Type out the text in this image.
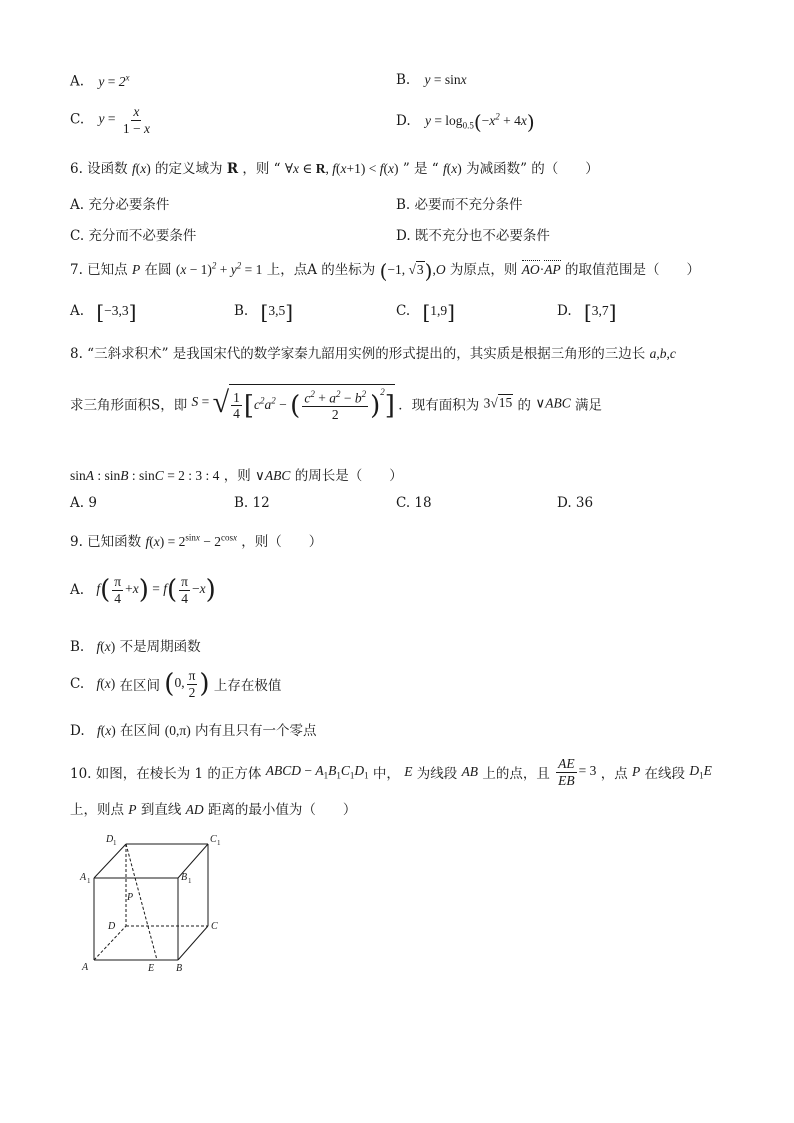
A. $y = 2^x$	B. y = sinx
C. $y = \frac{x}{1 - x}$	D. $y = \log_{0.5}(-x^2 + 4x)$
6. 设函数 f(x) 的定义域为 R ，则 “ ∀x ∈ R, f(x+1) < f(x) ” 是 “ f(x) 为减函数” 的（　　）
A. 充分必要条件	B. 必要而不充分条件
C. 充分而不必要条件	D. 既不充分也不必要条件
7. 已知点 P 在圆 $(x - 1)^2 + y^2 = 1$ 上，点A 的坐标为 (−1, √3),O 为原点，则 AO·AP 的取值范围是（　　）
A. [−3,3]	B. [3,5]	C. [1,9]	D. [3,7]
8. “三斜求积术” 是我国宋代的数学家秦九韶用实例的形式提出的，其实质是根据三角形的三边长 a,b,c
求三角形面积S，即 S = √ $\frac{1}{4} [c^2a^2$ − ( $\frac{c^2 + a^2 - b^2}{2} )^2$] ．现有面积为 3√15 的 ∨ABC 满足
sinA : sinB : sinC = 2 : 3 : 4 ，则 ∨ABC 的周长是（　　）
A. 9	B. 12	C. 18	D. 36
9. 已知函数 $f(x) = 2^{sinx} - 2^{cosx}$ ，则（　　）
A. $f( \frac{\pi}{4} +x) = f( \frac{\pi}{4} -x)$
B. f(x) 不是周期函数
C. f(x) 在区间 (0, $\frac{\pi}{2}$ ) 上存在极值
D. f(x) 在区间 (0,π) 内有且只有一个零点
10. 如图，在棱长为 1 的正方体 ABCD − $A_1B_1C_1D_1$ 中， E 为线段 AB 上的点，且 $\frac{AE}{EB} = 3$ ，点 P 在线段 $D_1E$
上，则点 P 到直线 AD 距离的最小值为（　　）
D 1	C 1
A 1	B 1
P
D	C
A	E B
